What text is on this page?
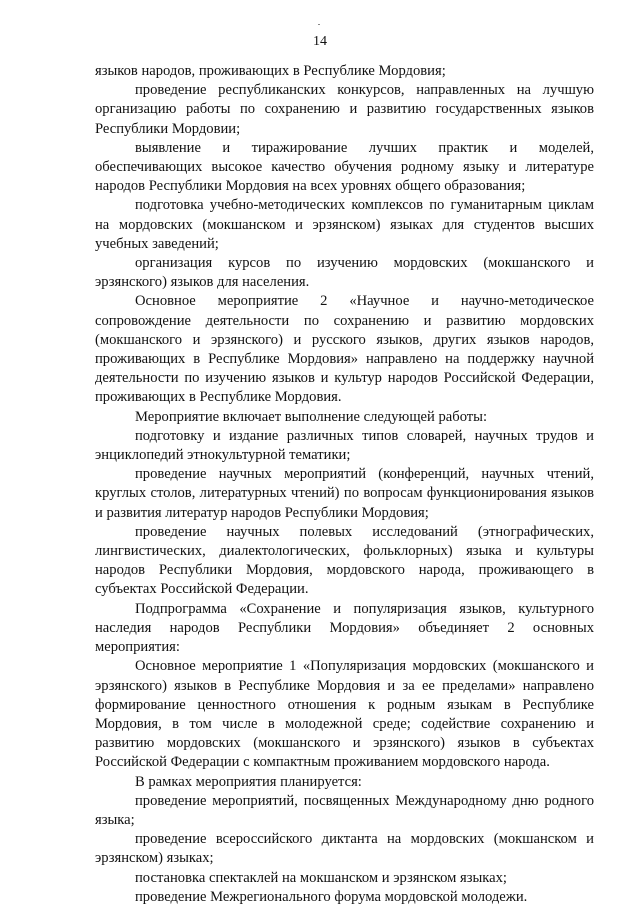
14

языков народов, проживающих в Республике Мордовия;

проведение республиканских конкурсов, направленных на лучшую организацию работы по сохранению и развитию государственных языков Республики Мордовии;

выявление и тиражирование лучших практик и моделей, обеспечивающих высокое качество обучения родному языку и литературе народов Республики Мордовия на всех уровнях общего образования;

подготовка учебно-методических комплексов по гуманитарным циклам на мордовских (мокшанском и эрзянском) языках для студентов высших учебных заведений;

организация курсов по изучению мордовских (мокшанского и эрзянского) языков для населения.

Основное мероприятие 2 «Научное и научно-методическое сопровождение деятельности по сохранению и развитию мордовских (мокшанского и эрзянского) и русского языков, других языков народов, проживающих в Республике Мордовия» направлено на поддержку научной деятельности по изучению языков и культур народов Российской Федерации, проживающих в Республике Мордовия.

Мероприятие включает выполнение следующей работы:

подготовку и издание различных типов словарей, научных трудов и энциклопедий этнокультурной тематики;

проведение научных мероприятий (конференций, научных чтений, круглых столов, литературных чтений) по вопросам функционирования языков и развития литератур народов Республики Мордовия;

проведение научных полевых исследований (этнографических, лингвистических, диалектологических, фольклорных) языка и культуры народов Республики Мордовия, мордовского народа, проживающего в субъектах Российской Федерации.

Подпрограмма «Сохранение и популяризация языков, культурного наследия народов Республики Мордовия» объединяет 2 основных мероприятия:

Основное мероприятие 1 «Популяризация мордовских (мокшанского и эрзянского) языков в Республике Мордовия и за ее пределами» направлено формирование ценностного отношения к родным языкам в Республике Мордовия, в том числе в молодежной среде; содействие сохранению и развитию мордовских (мокшанского и эрзянского) языков в субъектах Российской Федерации с компактным проживанием мордовского народа.

В рамках мероприятия планируется:

проведение мероприятий, посвященных Международному дню родного языка;

проведение всероссийского диктанта на мордовских (мокшанском и эрзянском) языках;

постановка спектаклей на мокшанском и эрзянском языках;

проведение Межрегионального форума мордовской молодежи.
